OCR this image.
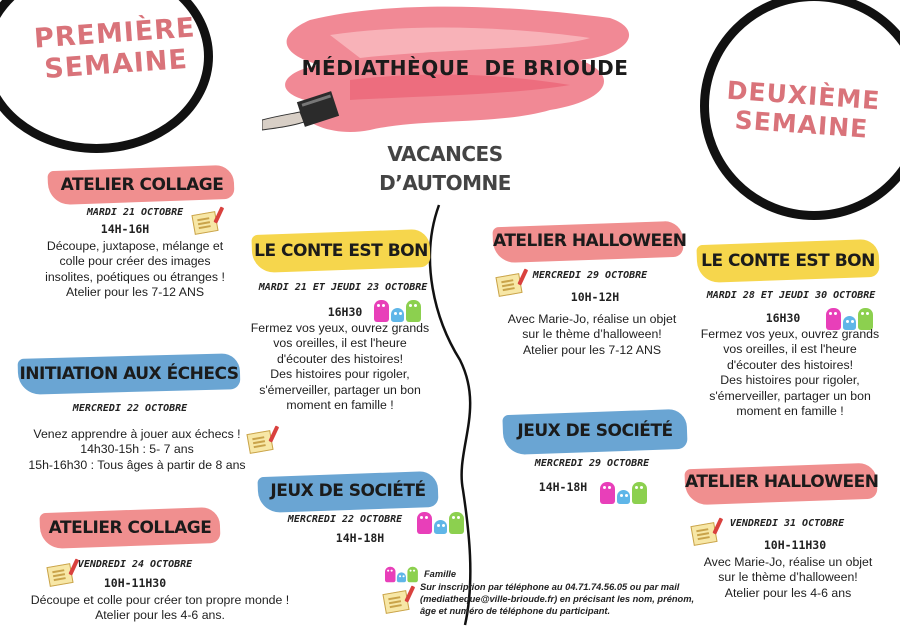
PREMIÈRE
SEMAINE
DEUXIÈME
SEMAINE
MÉDIATHÈQUE  DE BRIOUDE
VACANCES
D’AUTOMNE
ATELIER COLLAGE
MARDI 21 OCTOBRE
14H-16H
Découpe, juxtapose, mélange et
colle pour créer des images
insolites, poétiques ou étranges !
Atelier pour les 7-12 ANS
INITIATION AUX ÉCHECS
MERCREDI 22 OCTOBRE
Venez apprendre à jouer aux échecs !
14h30-15h : 5- 7 ans
15h-16h30 : Tous âges à partir de 8 ans
ATELIER COLLAGE
VENDREDI 24 OCTOBRE
10H-11H30
Découpe et colle pour créer ton propre monde !
Atelier pour les 4-6 ans.
LE CONTE EST BON
MARDI 21 ET JEUDI 23 OCTOBRE
16H30
Fermez vos yeux, ouvrez grands
vos oreilles, il est l'heure
d'écouter des histoires!
Des histoires pour rigoler,
s'émerveiller, partager un bon
moment en famille !
JEUX DE SOCIÉTÉ
MERCREDI 22 OCTOBRE
14H-18H
ATELIER HALLOWEEN
MERCREDI 29 OCTOBRE
10H-12H
Avec Marie-Jo, réalise un objet
sur le thème d’halloween!
Atelier pour les 7-12 ANS
JEUX DE SOCIÉTÉ
MERCREDI 29 OCTOBRE
14H-18H
LE CONTE EST BON
MARDI 28 ET JEUDI 30 OCTOBRE
16H30
Fermez vos yeux, ouvrez grands
vos oreilles, il est l'heure
d'écouter des histoires!
Des histoires pour rigoler,
s'émerveiller, partager un bon
moment en famille !
ATELIER HALLOWEEN
VENDREDI 31 OCTOBRE
10H-11H30
Avec Marie-Jo, réalise un objet
sur le thème d’halloween!
Atelier pour les 4-6 ans
Famille
Sur inscription par téléphone au 04.71.74.56.05 ou par mail
(mediatheque@ville-brioude.fr) en précisant les nom, prénom,
âge et numéro de téléphone du participant.
